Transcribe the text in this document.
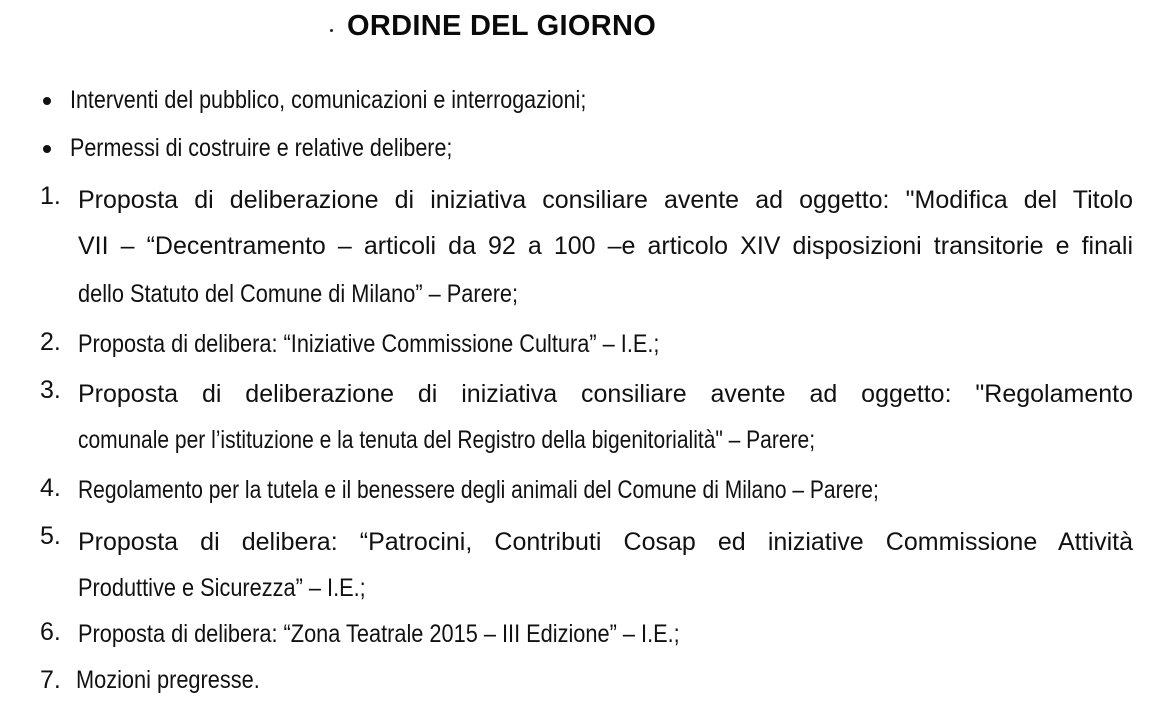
ORDINE DEL GIORNO
Interventi del pubblico, comunicazioni e interrogazioni;
Permessi di costruire e relative delibere;
1. Proposta di deliberazione di iniziativa consiliare avente ad oggetto: "Modifica del Titolo
VII – “Decentramento – articoli da 92 a 100 –e articolo XIV disposizioni transitorie e finali
dello Statuto del Comune di Milano” – Parere;
2. Proposta di delibera: “Iniziative Commissione Cultura” – I.E.;
3. Proposta di deliberazione di iniziativa consiliare avente ad oggetto: "Regolamento
comunale per l’istituzione e la tenuta del Registro della bigenitorialità" – Parere;
4. Regolamento per la tutela e il benessere degli animali del Comune di Milano – Parere;
5. Proposta di delibera: “Patrocini, Contributi Cosap ed iniziative Commissione Attività
Produttive e Sicurezza” – I.E.;
6. Proposta di delibera: “Zona Teatrale 2015 – III Edizione” – I.E.;
7. Mozioni pregresse.
